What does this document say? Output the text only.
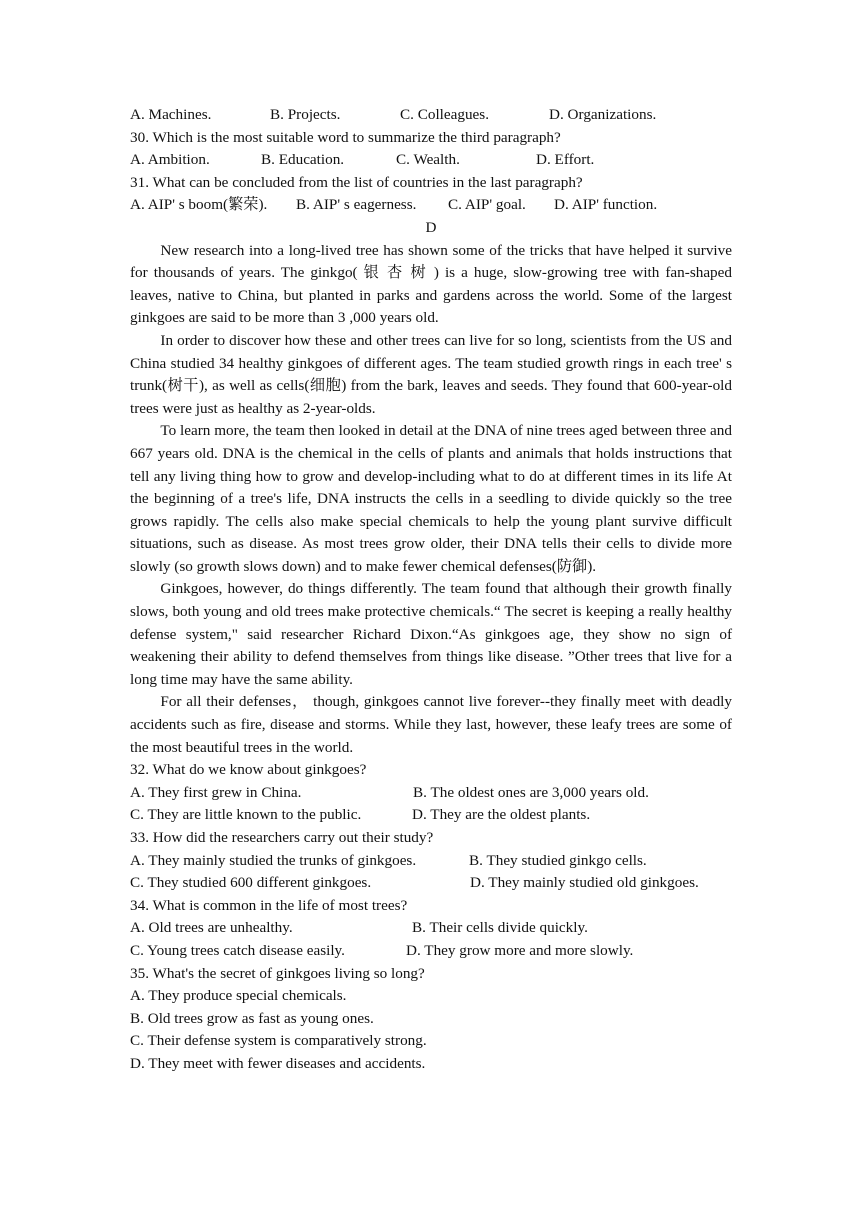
A. Machines.	B. Projects.	C. Colleagues.	D. Organizations.
30. Which is the most suitable word to summarize the third paragraph?
A. Ambition.	B. Education.	C. Wealth.	D. Effort.
31. What can be concluded from the list of countries in the last paragraph?
A. AIP' s boom(繁荣). B. AIP' s eagerness. C. AIP' goal. D. AIP' function.
D

New research into a long-lived tree has shown some of the tricks that have helped it survive for thousands of years. The ginkgo( 银 杏 树 ) is a huge, slow-growing tree with fan-shaped leaves, native to China, but planted in parks and gardens across the world. Some of the largest ginkgoes are said to be more than 3 ,000 years old.

In order to discover how these and other trees can live for so long, scientists from the US and China studied 34 healthy ginkgoes of different ages. The team studied growth rings in each tree' s trunk(树干), as well as cells(细胞) from the bark, leaves and seeds. They found that 600-year-old trees were just as healthy as 2-year-olds.

To learn more, the team then looked in detail at the DNA of nine trees aged between three and 667 years old. DNA is the chemical in the cells of plants and animals that holds instructions that tell any living thing how to grow and develop-including what to do at different times in its life At the beginning of a tree's life, DNA instructs the cells in a seedling to divide quickly so the tree grows rapidly. The cells also make special chemicals to help the young plant survive difficult situations, such as disease. As most trees grow older, their DNA tells their cells to divide more slowly (so growth slows down) and to make fewer chemical defenses(防御).

Ginkgoes, however, do things differently. The team found that although their growth finally slows, both young and old trees make protective chemicals.“ The secret is keeping a really healthy defense system," said researcher Richard Dixon.“As ginkgoes age, they show no sign of weakening their ability to defend themselves from things like disease. ”Other trees that live for a long time may have the same ability.

For all their defenses， though, ginkgoes cannot live forever--they finally meet with deadly accidents such as fire, disease and storms. While they last, however, these leafy trees are some of the most beautiful trees in the world.

32. What do we know about ginkgoes?
A. They first grew in China.	B. The oldest ones are 3,000 years old.
C. They are little known to the public.	D. They are the oldest plants.
33. How did the researchers carry out their study?
A. They mainly studied the trunks of ginkgoes.	B. They studied ginkgo cells.
C. They studied 600 different ginkgoes.	D. They mainly studied old ginkgoes.
34. What is common in the life of most trees?
A. Old trees are unhealthy.	B. Their cells divide quickly.
C. Young trees catch disease easily.	D. They grow more and more slowly.
35. What's the secret of ginkgoes living so long?
A. They produce special chemicals.
B. Old trees grow as fast as young ones.
C. Their defense system is comparatively strong.
D. They meet with fewer diseases and accidents.
